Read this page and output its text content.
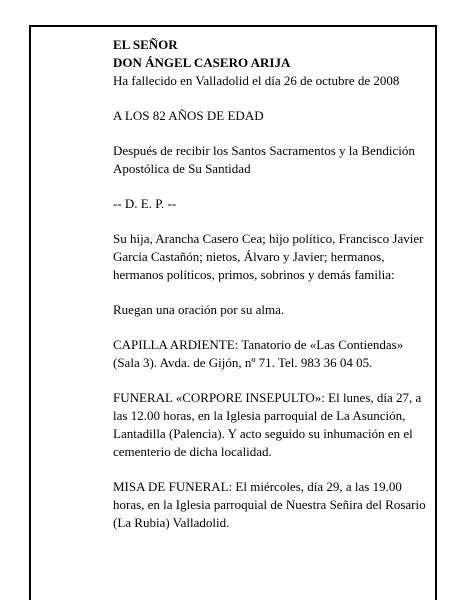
EL SEÑOR

DON ÁNGEL CASERO ARIJA

Ha fallecido en Valladolid el día 26 de octubre de 2008

A LOS 82 AÑOS DE EDAD

Después de recibir los Santos Sacramentos y la Bendición Apostólica de Su Santidad

-- D. E. P. --

Su hija, Arancha Casero Cea; hijo político, Francisco Javier García Castañón; nietos, Álvaro y Javier; hermanos, hermanos políticos, primos, sobrinos y demás familia:

Ruegan una oración por su alma.

CAPILLA ARDIENTE: Tanatorio de «Las Contiendas» (Sala 3). Avda. de Gijón, nº 71. Tel. 983 36 04 05.

FUNERAL «CORPORE INSEPULTO»: El lunes, día 27, a las 12.00 horas, en la Iglesia parroquial de La Asunción, Lantadilla (Palencia). Y acto seguido su inhumación en el cementerio de dicha localidad.

MISA DE FUNERAL: El miércoles, día 29, a las 19.00 horas, en la Iglesia parroquial de Nuestra Señira del Rosario (La Rubia) Valladolid.
